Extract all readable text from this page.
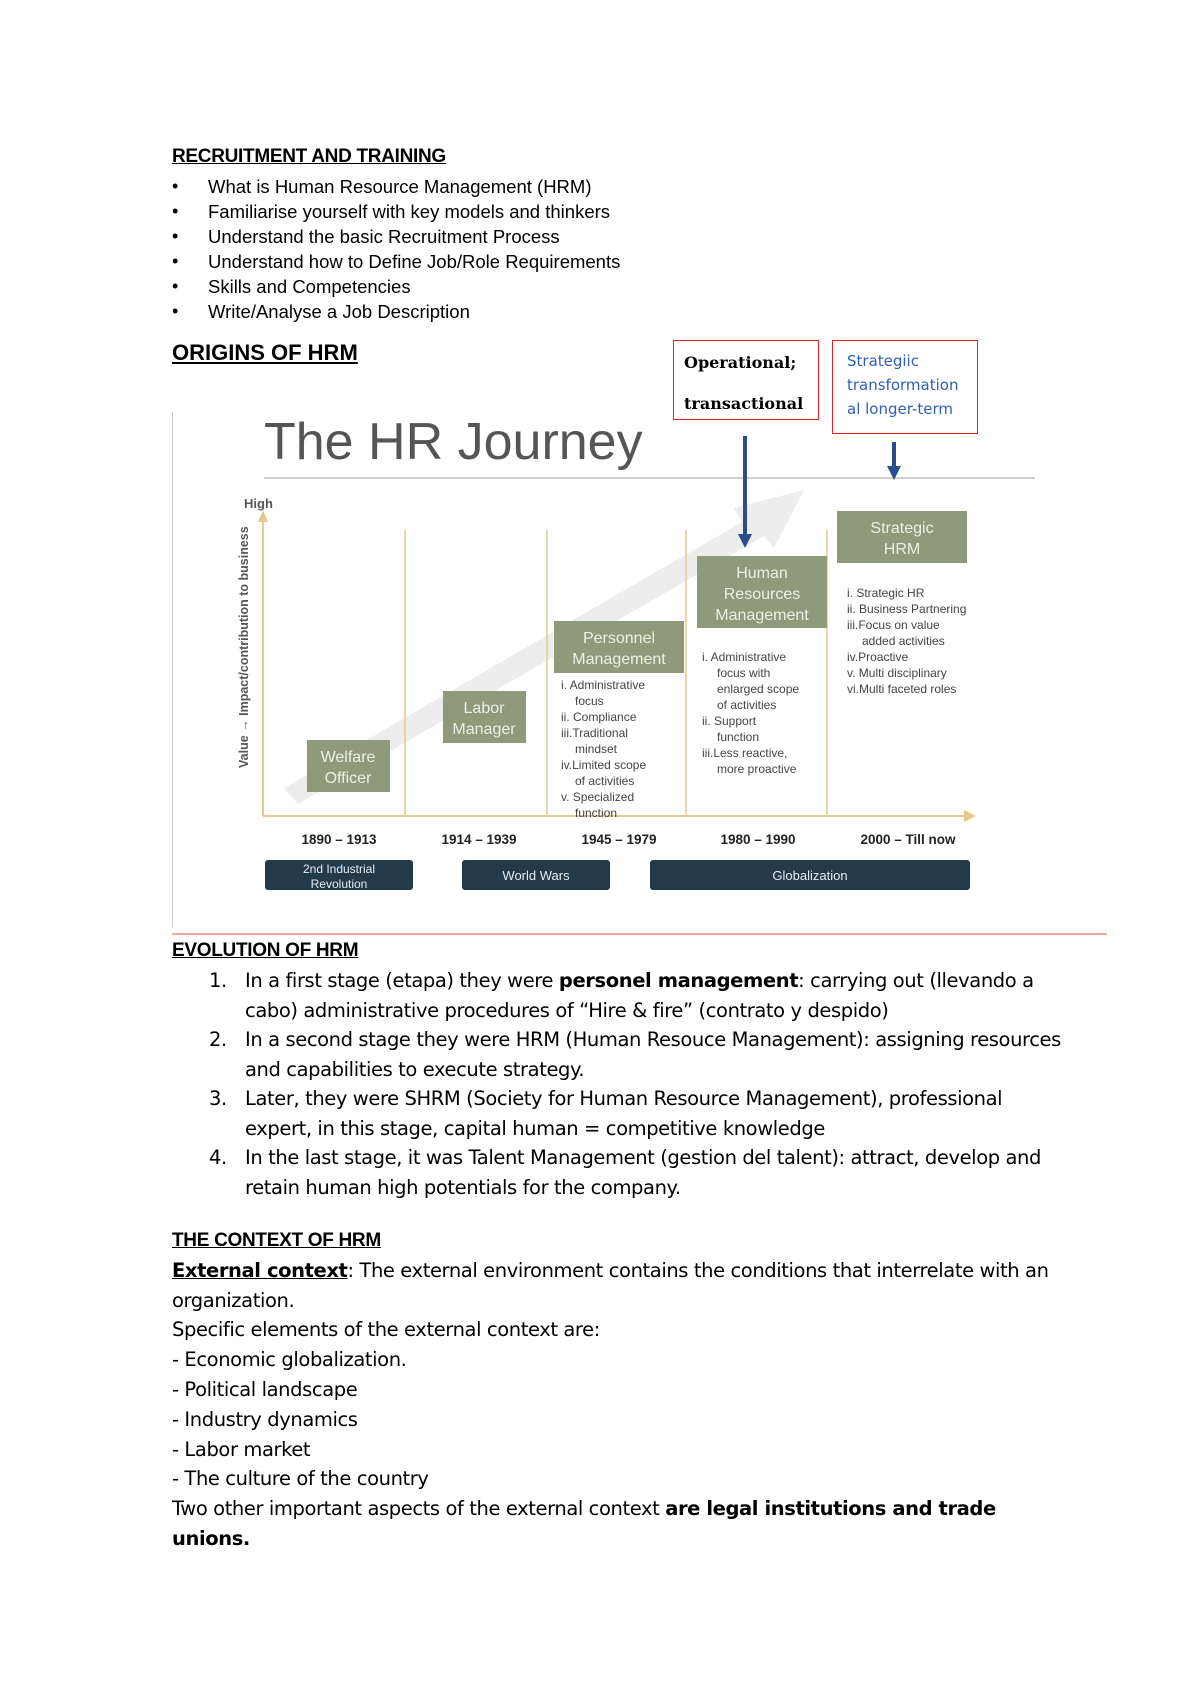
RECRUITMENT AND TRAINING
• What is Human Resource Management (HRM)
• Familiarise yourself with key models and thinkers
• Understand the basic Recruitment Process
• Understand how to Define Job/Role Requirements
• Skills and Competencies
• Write/Analyse a Job Description
ORIGINS OF HRM
The HR Journey
High
Value → Impact/contribution to business	Welfare
Officer
Labor
Manager
Personnel
Management
Human
Resources
Management
Strategic
HRM
i. Administrative
focus
ii. Compliance
iii.Traditional
mindset
iv.Limited scope
of activities
v. Specialized
function
i. Administrative
focus with
enlarged scope
of activities
ii. Support
function
iii.Less reactive,
more proactive
i. Strategic HR
ii. Business Partnering
iii.Focus on value
added activities
iv.Proactive
v. Multi disciplinary
vi.Multi faceted roles
1890 – 1913	1914 – 1939	1945 – 1979	1980 – 1990	2000 – Till now
2nd Industrial
Revolution
World Wars	Globalization
Operational;
transactional
Strategiic
transformation
al longer-term
EVOLUTION OF HRM
1. In a first stage (etapa) they were personel management: carrying out (llevando a cabo) administrative procedures of “Hire & fire” (contrato y despido)
2. In a second stage they were HRM (Human Resouce Management): assigning resources and capabilities to execute strategy.
3. Later, they were SHRM (Society for Human Resource Management), professional expert, in this stage, capital human = competitive knowledge
4. In the last stage, it was Talent Management (gestion del talent): attract, develop and retain human high potentials for the company.
THE CONTEXT OF HRM
External context: The external environment contains the conditions that interrelate with an organization.
Specific elements of the external context are:
- Economic globalization.
- Political landscape
- Industry dynamics
- Labor market
- The culture of the country
Two other important aspects of the external context are legal institutions and trade unions.
